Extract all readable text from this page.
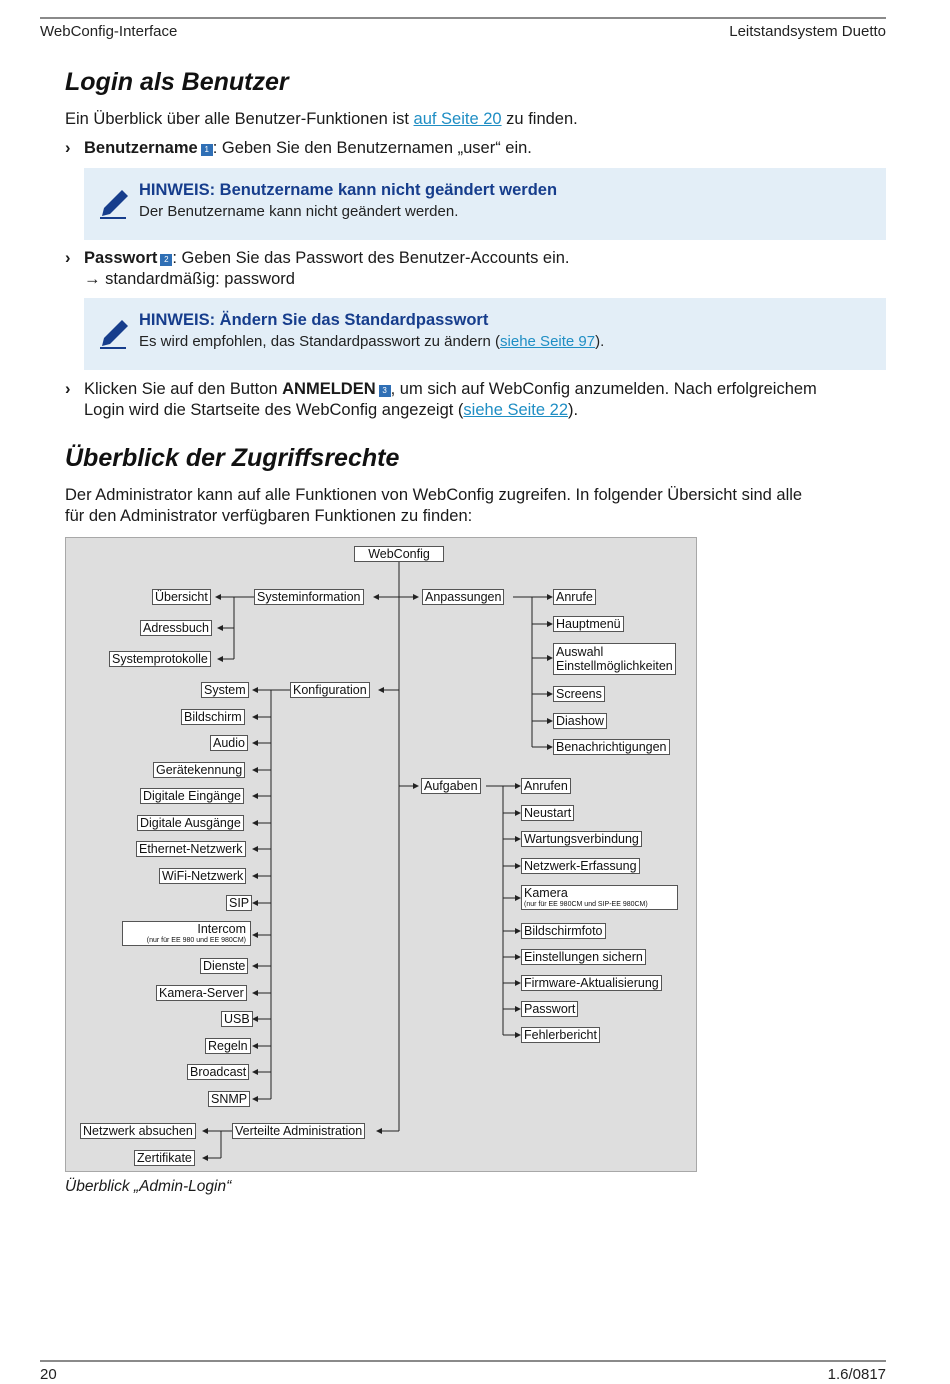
WebConfig-Interface	Leitstandsystem Duetto
Login als Benutzer

Ein Überblick über alle Benutzer-Funktionen ist auf Seite 20 zu finden.

› Benutzername 1 : Geben Sie den Benutzernamen „user“ ein.
HINWEIS: Benutzername kann nicht geändert werden
Der Benutzername kann nicht geändert werden.
› Passwort 2 : Geben Sie das Passwort des Benutzer-Accounts ein.
→ standardmäßig: password
HINWEIS: Ändern Sie das Standardpasswort
Es wird empfohlen, das Standardpasswort zu ändern (siehe Seite 97).
› Klicken Sie auf den Button ANMELDEN 3 , um sich auf WebConfig anzumelden. Nach erfolgreichem
Login wird die Startseite des WebConfig angezeigt (siehe Seite 22).
Überblick der Zugriffsrechte

Der Administrator kann auf alle Funktionen von WebConfig zugreifen. In folgender Übersicht sind alle
für den Administrator verfügbaren Funktionen zu finden:

WebConfig
Systeminformation
Übersicht
Adressbuch
Systemprotokolle
Konfiguration
System
Bildschirm
Audio
Gerätekennung
Digitale Eingänge
Digitale Ausgänge
Ethernet-Netzwerk
WiFi-Netzwerk
SIP
Intercom
(nur für EE 980 und EE 980CM)
Dienste
Kamera-Server
USB
Regeln
Broadcast
SNMP
Verteilte Administration
Netzwerk absuchen
Zertifikate
Anpassungen	Anrufe
Hauptmenü
Auswahl
Einstellmöglichkeiten
Screens
Diashow
Benachrichtigungen
Aufgaben	Anrufen
Neustart
Wartungsverbindung
Netzwerk-Erfassung
Kamera
(nur für EE 980CM und SIP-EE 980CM)
Bildschirmfoto
Einstellungen sichern
Firmware-Aktualisierung
Passwort
Fehlerbericht
Überblick „Admin-Login“
20	1.6/0817
